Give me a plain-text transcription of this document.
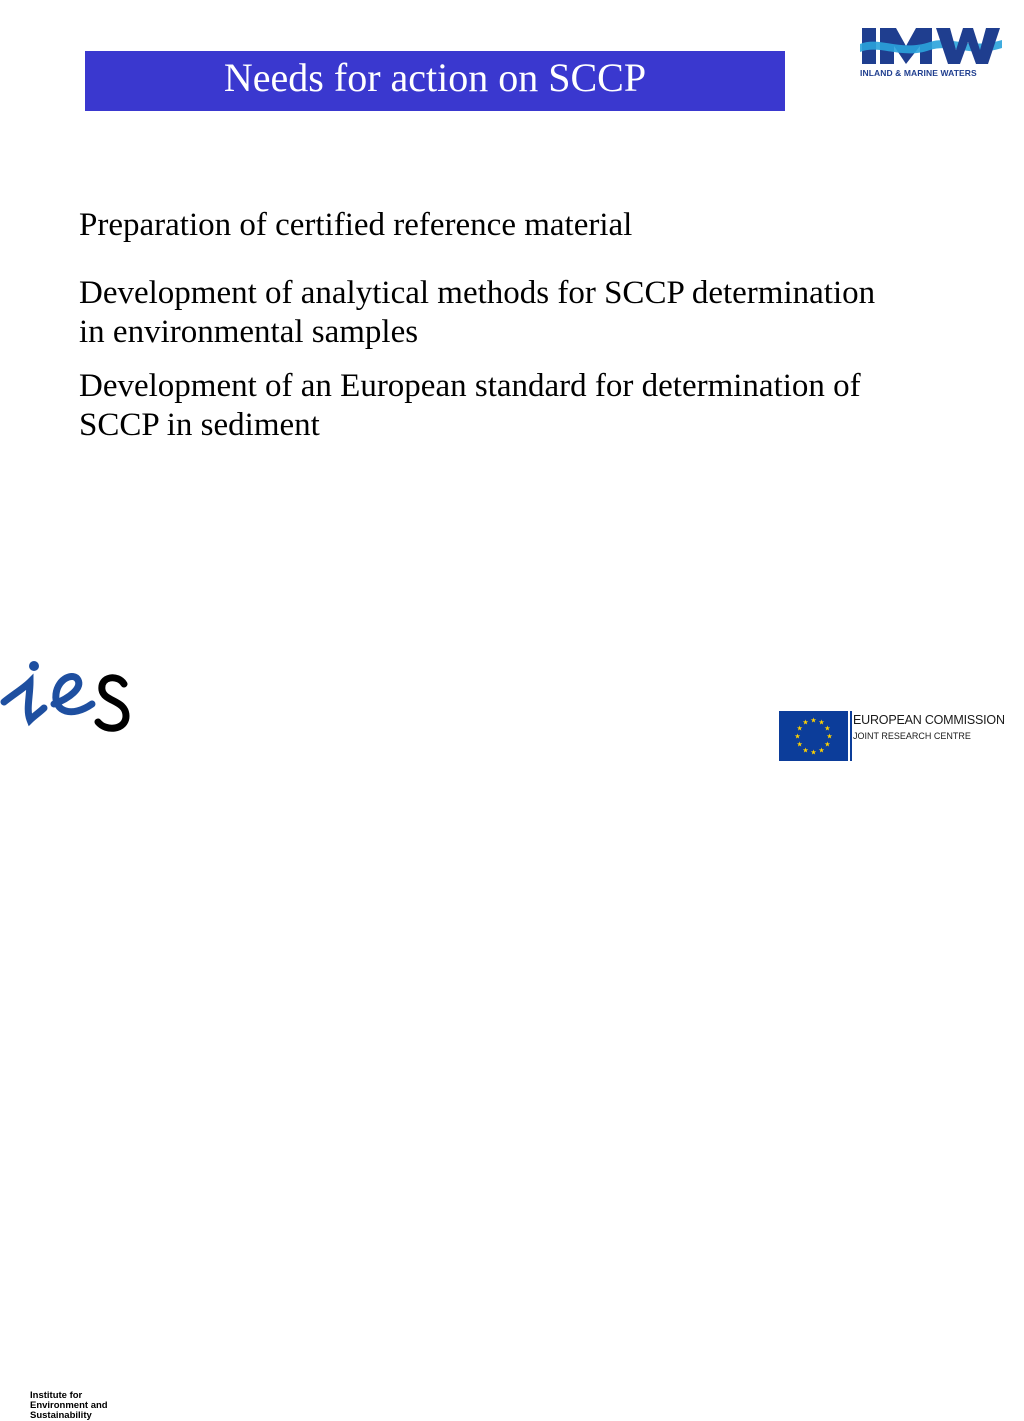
Needs for action on SCCP	INLAND & MARINE WATERS

Preparation of certified reference material

Development of analytical methods for SCCP determination in environmental samples

Development of an European standard for determination of SCCP in sediment

Institute for
Environment and
Sustainability
★ ★
★
★
★
★
★
★
★
★
★
★	EUROPEAN COMMISSION
JOINT RESEARCH CENTRE
